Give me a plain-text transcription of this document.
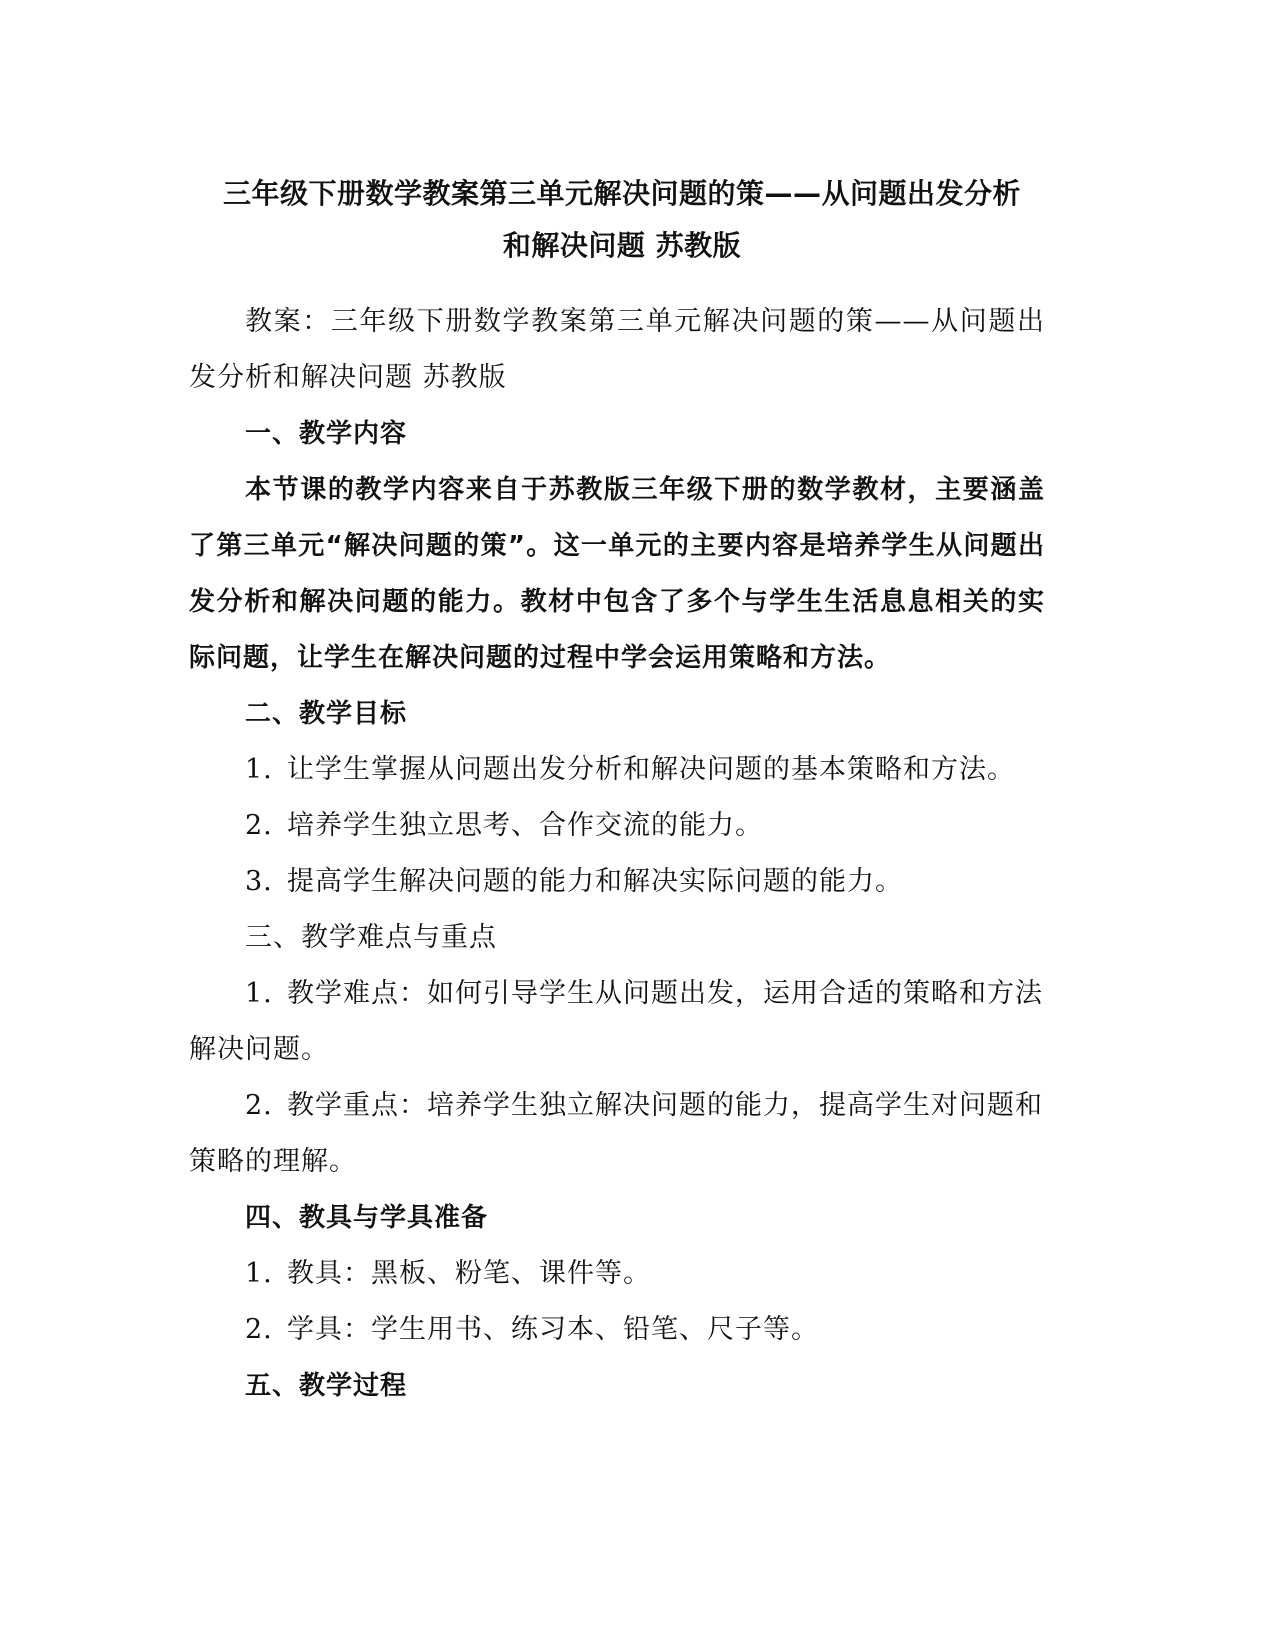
三年级下册数学教案第三单元解决问题的策——从问题出发分析
和解决问题 苏教版

教案：三年级下册数学教案第三单元解决问题的策——从问题出发分析和解决问题 苏教版

一、教学内容

本节课的教学内容来自于苏教版三年级下册的数学教材，主要涵盖了第三单元“解决问题的策”。这一单元的主要内容是培养学生从问题出发分析和解决问题的能力。教材中包含了多个与学生生活息息相关的实际问题，让学生在解决问题的过程中学会运用策略和方法。

二、教学目标

1. 让学生掌握从问题出发分析和解决问题的基本策略和方法。

2. 培养学生独立思考、合作交流的能力。

3. 提高学生解决问题的能力和解决实际问题的能力。

三、教学难点与重点

1. 教学难点：如何引导学生从问题出发，运用合适的策略和方法解决问题。

2. 教学重点：培养学生独立解决问题的能力，提高学生对问题和策略的理解。

四、教具与学具准备

1. 教具：黑板、粉笔、课件等。

2. 学具：学生用书、练习本、铅笔、尺子等。

五、教学过程
